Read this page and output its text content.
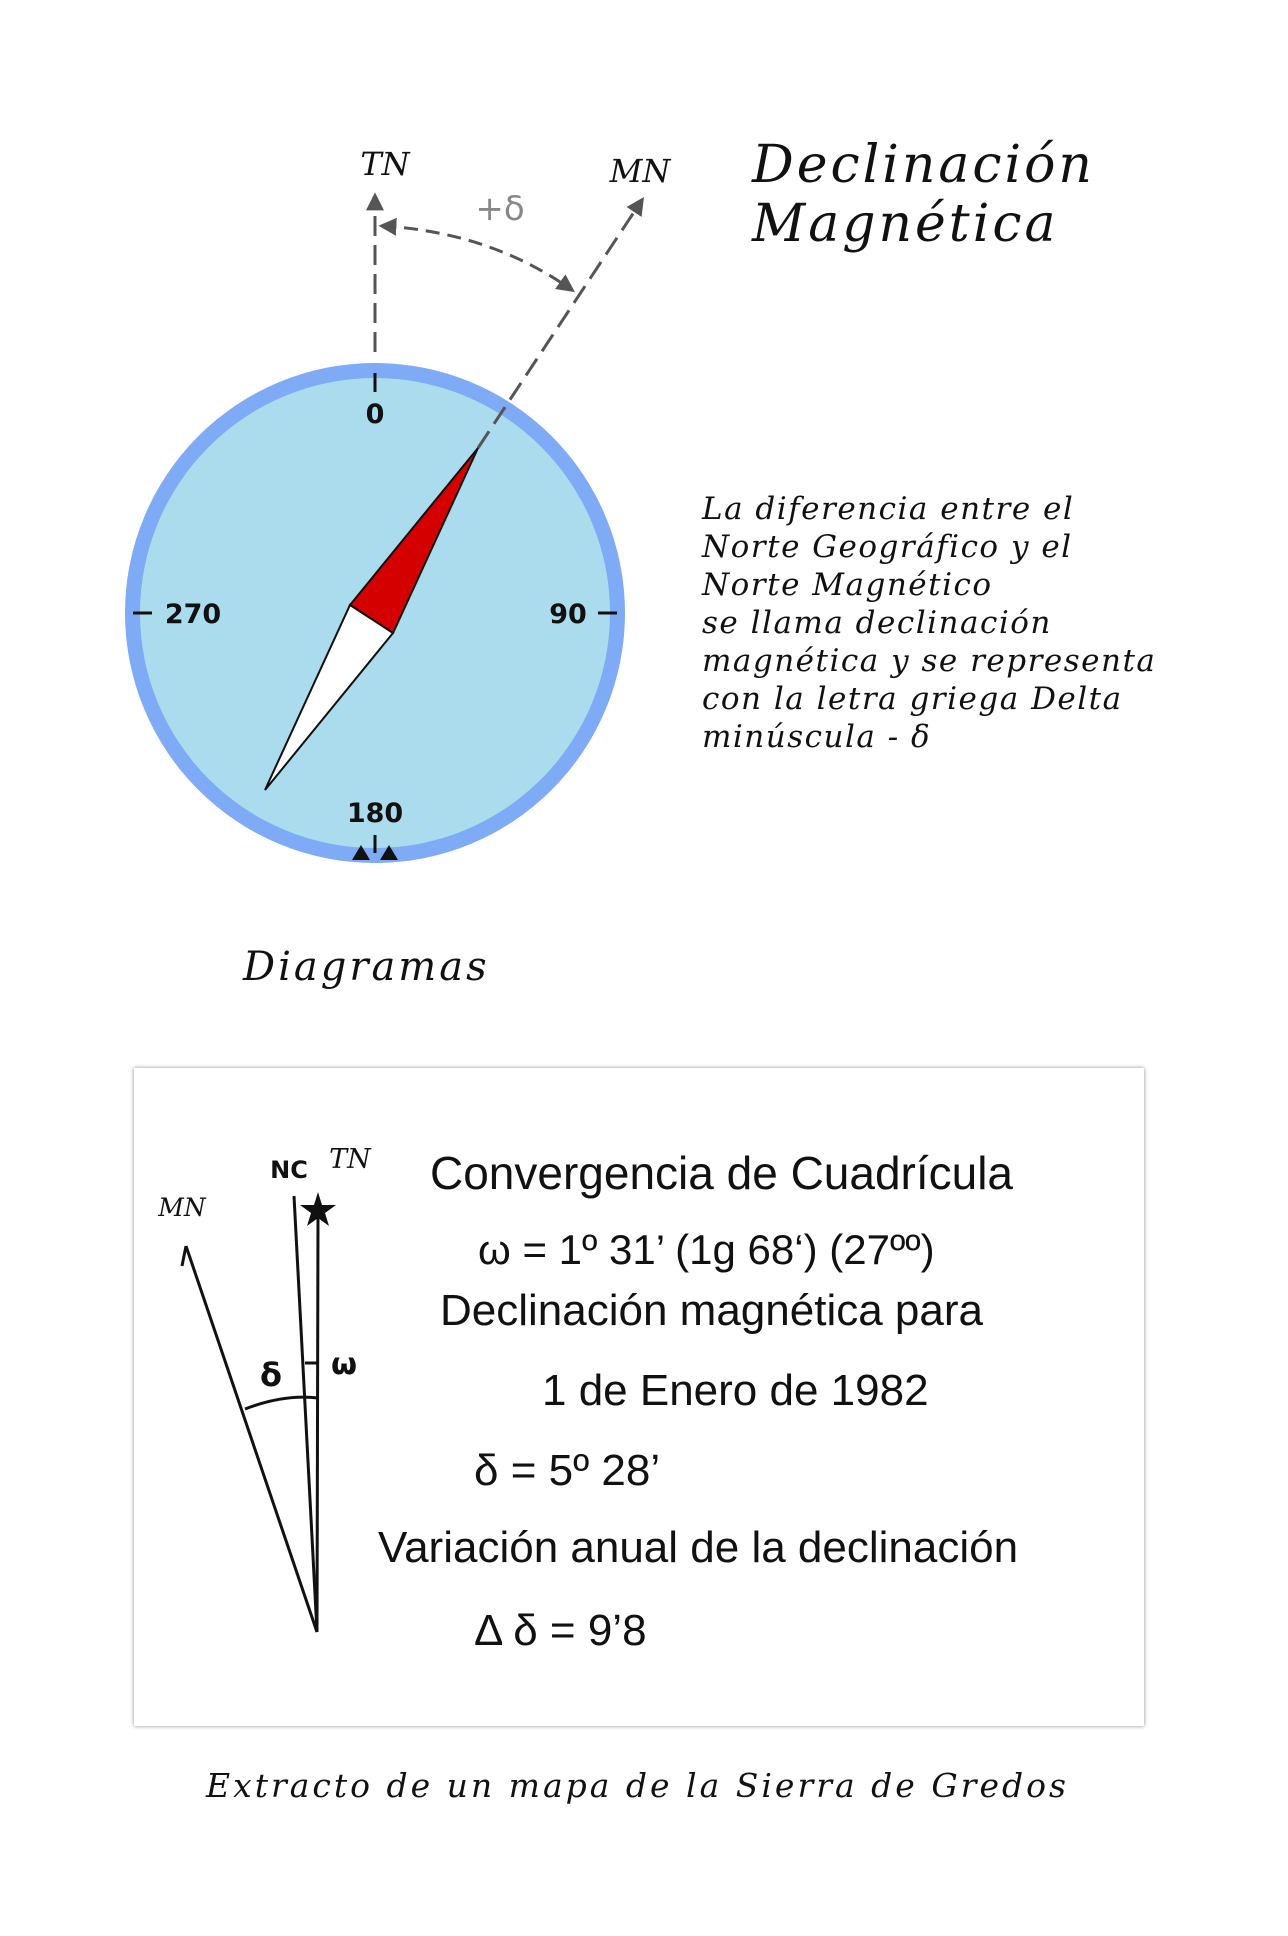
Declinación
Magnética
0
90
270
180
TN	MN
+δ
La diferencia entre el
Norte Geográfico y el
Norte Magnético
se llama declinación
magnética y se representa
con la letra griega Delta
minúscula - δ
Diagramas
δ ω
MN
NC TN Convergencia de Cuadrícula
ω = 1º 31’ (1g 68‘) (27ºº)
Declinación magnética para
1 de Enero de 1982
δ = 5º 28’
Variación anual de la declinación
Δ δ = 9’8
Extracto de un mapa de la Sierra de Gredos
